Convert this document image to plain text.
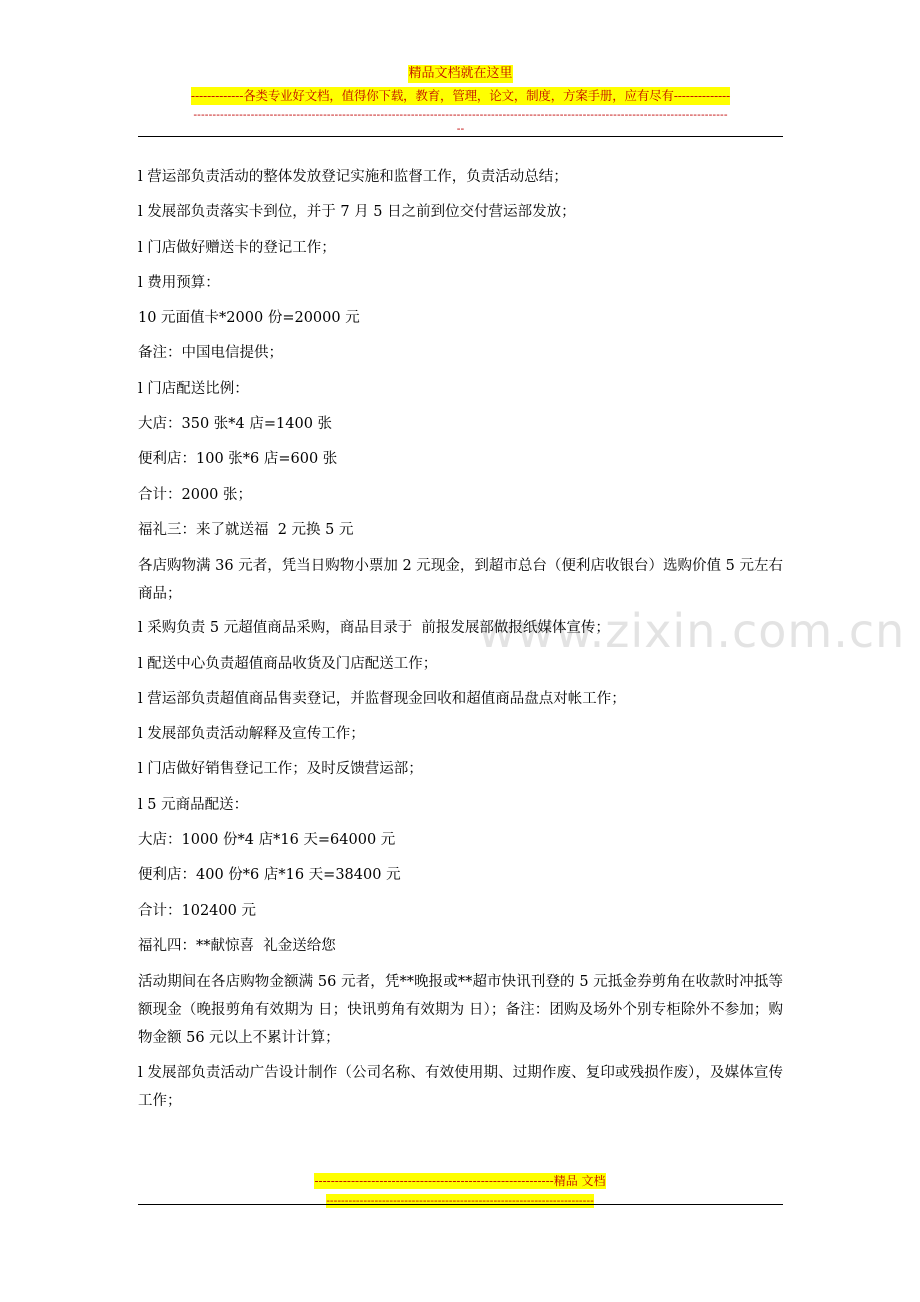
精品文档就在这里
-------------各类专业好文档，值得你下载，教育，管理，论文，制度，方案手册，应有尽有--------------
--------------------------------------------------------------------------------------------------------------------------------------------
--
www.zixin.com.cn

l 营运部负责活动的整体发放登记实施和监督工作，负责活动总结；

l 发展部负责落实卡到位，并于 7 月 5 日之前到位交付营运部发放；

l 门店做好赠送卡的登记工作；

l 费用预算：

10 元面值卡*2000 份=20000 元

备注：中国电信提供；

l 门店配送比例：

大店：350 张*4 店=1400 张

便利店：100 张*6 店=600 张

合计：2000 张；

福礼三：来了就送福  2 元换 5 元

各店购物满 36 元者，凭当日购物小票加 2 元现金，到超市总台（便利店收银台）选购价值 5 元左右商品；

l 采购负责 5 元超值商品采购，商品目录于  前报发展部做报纸媒体宣传；

l 配送中心负责超值商品收货及门店配送工作；

l 营运部负责超值商品售卖登记，并监督现金回收和超值商品盘点对帐工作；

l 发展部负责活动解释及宣传工作；

l 门店做好销售登记工作；及时反馈营运部；

l 5 元商品配送：

大店：1000 份*4 店*16 天=64000 元

便利店：400 份*6 店*16 天=38400 元

合计：102400 元

福礼四：**献惊喜  礼金送给您

活动期间在各店购物金额满 56 元者，凭**晚报或**超市快讯刊登的 5 元抵金券剪角在收款时冲抵等额现金（晚报剪角有效期为 日；快讯剪角有效期为 日）；备注：团购及场外个别专柜除外不参加；购物金额 56 元以上不累计计算；

l 发展部负责活动广告设计制作（公司名称、有效使用期、过期作废、复印或残损作废），及媒体宣传工作；

-----------------------------------------------------------精品 文档
------------------------------------------------------------------------
